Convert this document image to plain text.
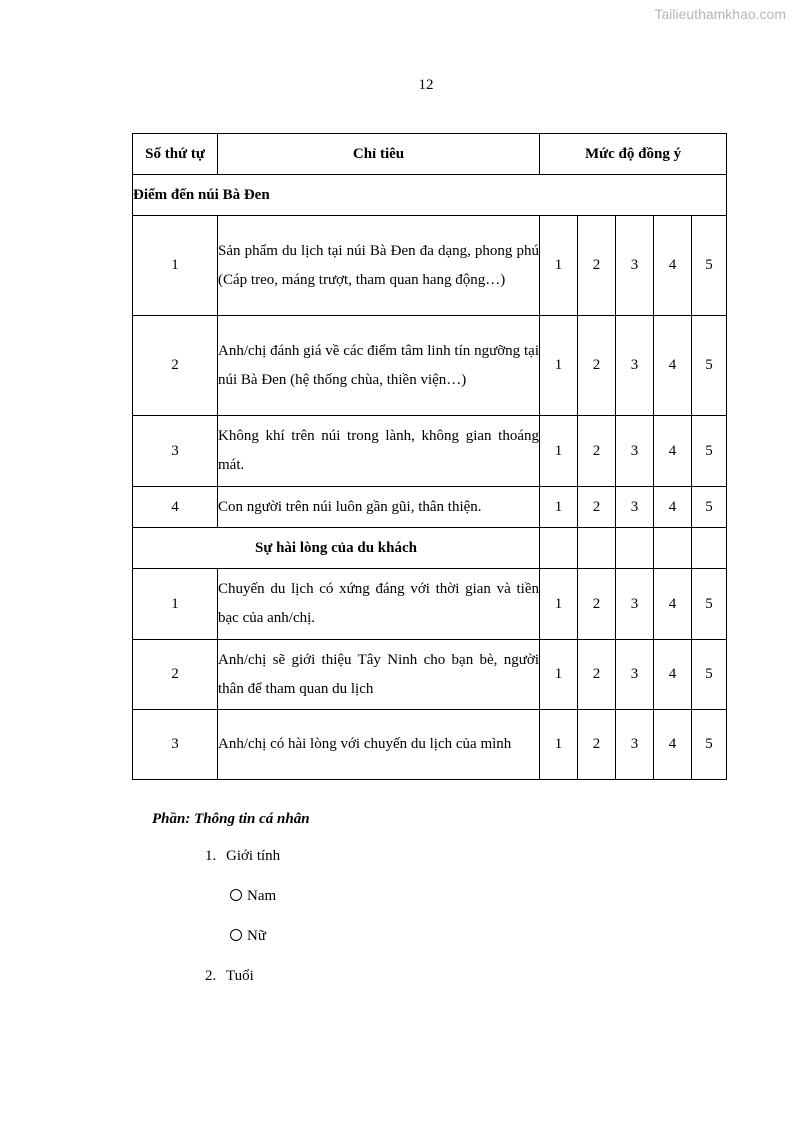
Tailieuthamkhao.com
12
Số thứ tự	Chỉ tiêu	Mức độ đồng ý				
Điểm đến núi Bà Đen						
1	Sản phẩm du lịch tại núi Bà Đen đa dạng, phong phú (Cáp treo, máng trượt, tham quan hang động…)	1	2	3	4	5
2	Anh/chị đánh giá về các điểm tâm linh tín ngưỡng tại núi Bà Đen (hệ thống chùa, thiền viện…)	1	2	3	4	5
3	Không khí trên núi trong lành, không gian thoáng mát.	1	2	3	4	5
4	Con người trên núi luôn gần gũi, thân thiện.	1	2	3	4	5
Sự hài lòng của du khách						
1	Chuyến du lịch có xứng đáng với thời gian và tiền bạc của anh/chị.	1	2	3	4	5
2	Anh/chị sẽ giới thiệu Tây Ninh cho bạn bè, người thân để tham quan du lịch	1	2	3	4	5
3	Anh/chị có hài lòng với chuyến du lịch của mình	1	2	3	4	5
Phần: Thông tin cá nhân
1. Giới tính
Nam
Nữ
2. Tuổi
